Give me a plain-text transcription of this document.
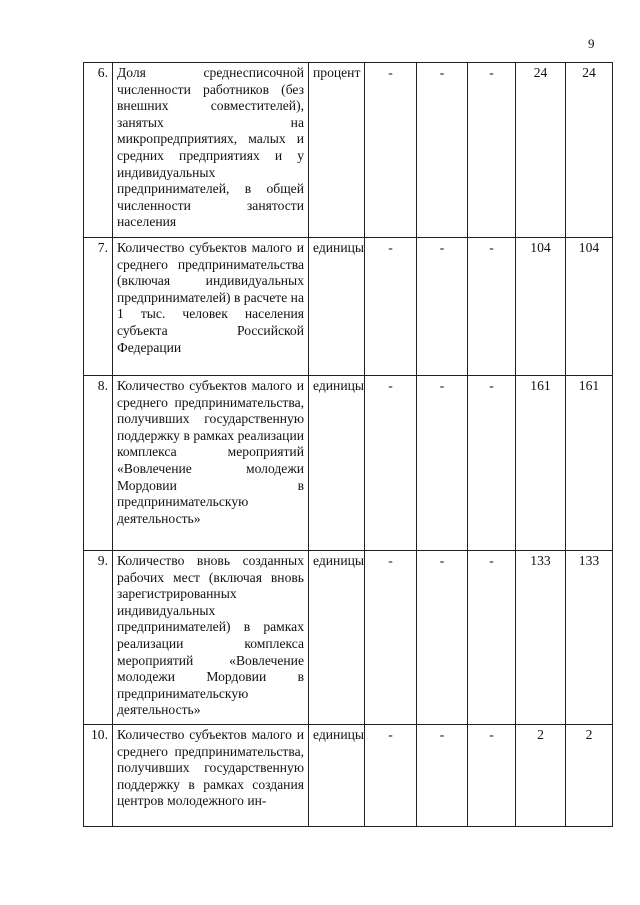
9
6.	Доля среднесписочной численности работников (без внешних совместителей), занятых на микропредприятиях, малых и средних предприятиях и у индивидуальных предпринимателей, в общей численности занятости населения	процент	-	-	-	24	24
7.	Количество субъектов малого и среднего предпринимательства (включая индивидуальных предпринимателей) в расчете на 1 тыс. человек населения субъекта Российской Федерации	единицы	-	-	-	104	104
8.	Количество субъектов малого и среднего предпринимательства, получивших государственную поддержку в рамках реализации комплекса мероприятий «Вовлечение молодежи Мордовии в предпринимательскую деятельность»	единицы	-	-	-	161	161
9.	Количество вновь созданных рабочих мест (включая вновь зарегистрированных индивидуальных предпринимателей) в рамках реализации комплекса мероприятий «Вовлечение молодежи Мордовии в предпринимательскую деятельность»	единицы	-	-	-	133	133
10.	Количество субъектов малого и среднего предпринимательства, получивших государственную поддержку в рамках создания центров молодежного ин-	единицы	-	-	-	2	2
